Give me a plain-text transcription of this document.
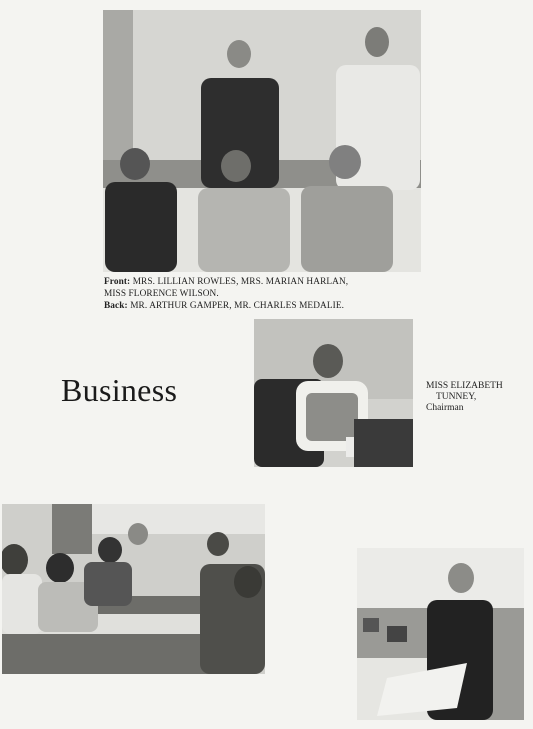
Front: MRS. LILLIAN ROWLES, MRS. MARIAN HARLAN,
MISS FLORENCE WILSON.
Back: MR. ARTHUR GAMPER, MR. CHARLES MEDALIE.
Business	MISS ELIZABETH
TUNNEY,
Chairman
